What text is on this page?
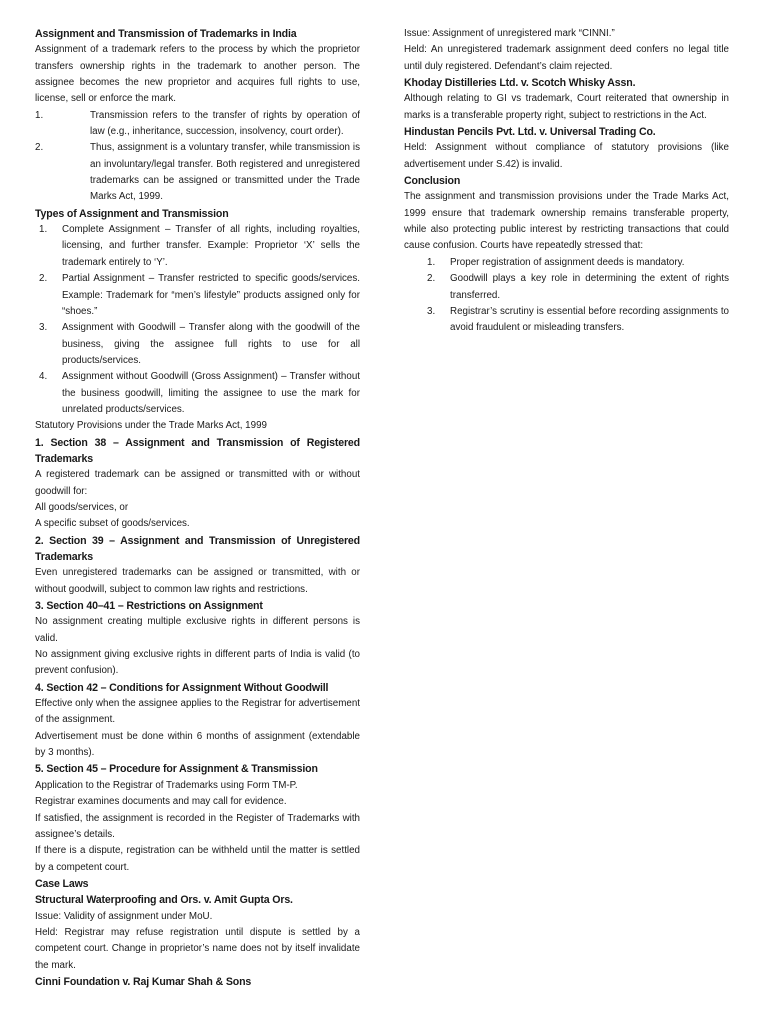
Assignment and Transmission of Trademarks in India

Assignment of a trademark refers to the process by which the proprietor transfers ownership rights in the trademark to another person. The assignee becomes the new proprietor and acquires full rights to use, license, sell or enforce the mark.

1.	Transmission refers to the transfer of rights by operation of law (e.g., inheritance, succession, insolvency, court order).
2.	Thus, assignment is a voluntary transfer, while transmission is an involuntary/legal transfer. Both registered and unregistered trademarks can be assigned or transmitted under the Trade Marks Act, 1999.

Types of Assignment and Transmission

1.	Complete Assignment – Transfer of all rights, including royalties, licensing, and further transfer. Example: Proprietor ‘X’ sells the trademark entirely to ‘Y’.
2.	Partial Assignment – Transfer restricted to specific goods/services. Example: Trademark for “men’s lifestyle” products assigned only for “shoes.”
3.	Assignment with Goodwill – Transfer along with the goodwill of the business, giving the assignee full rights to use for all products/services.
4.	Assignment without Goodwill (Gross Assignment) – Transfer without the business goodwill, limiting the assignee to use the mark for unrelated products/services.

Statutory Provisions under the Trade Marks Act, 1999

1. Section 38 – Assignment and Transmission of Registered Trademarks

A registered trademark can be assigned or transmitted with or without goodwill for:

All goods/services, or

A specific subset of goods/services.

2. Section 39 – Assignment and Transmission of Unregistered Trademarks

Even unregistered trademarks can be assigned or transmitted, with or without goodwill, subject to common law rights and restrictions.

3. Section 40–41 – Restrictions on Assignment

No assignment creating multiple exclusive rights in different persons is valid.

No assignment giving exclusive rights in different parts of India is valid (to prevent confusion).

4. Section 42 – Conditions for Assignment Without Goodwill

Effective only when the assignee applies to the Registrar for advertisement of the assignment.

Advertisement must be done within 6 months of assignment (extendable by 3 months).

5. Section 45 – Procedure for Assignment & Transmission

Application to the Registrar of Trademarks using Form TM-P.

Registrar examines documents and may call for evidence.

If satisfied, the assignment is recorded in the Register of Trademarks with assignee’s details.

If there is a dispute, registration can be withheld until the matter is settled by a competent court.

Case Laws

Structural Waterproofing and Ors. v. Amit Gupta Ors.

Issue: Validity of assignment under MoU.

Held: Registrar may refuse registration until dispute is settled by a competent court. Change in proprietor’s name does not by itself invalidate the mark.

Cinni Foundation v. Raj Kumar Shah & Sons

Issue: Assignment of unregistered mark “CINNI.”

Held: An unregistered trademark assignment deed confers no legal title until duly registered. Defendant’s claim rejected.

Khoday Distilleries Ltd. v. Scotch Whisky Assn.

Although relating to GI vs trademark, Court reiterated that ownership in marks is a transferable property right, subject to restrictions in the Act.

Hindustan Pencils Pvt. Ltd. v. Universal Trading Co.

Held: Assignment without compliance of statutory provisions (like advertisement under S.42) is invalid.

Conclusion

The assignment and transmission provisions under the Trade Marks Act, 1999 ensure that trademark ownership remains transferable property, while also protecting public interest by restricting transactions that could cause confusion. Courts have repeatedly stressed that:

1.	Proper registration of assignment deeds is mandatory.
2.	Goodwill plays a key role in determining the extent of rights transferred.
3.	Registrar’s scrutiny is essential before recording assignments to avoid fraudulent or misleading transfers.
